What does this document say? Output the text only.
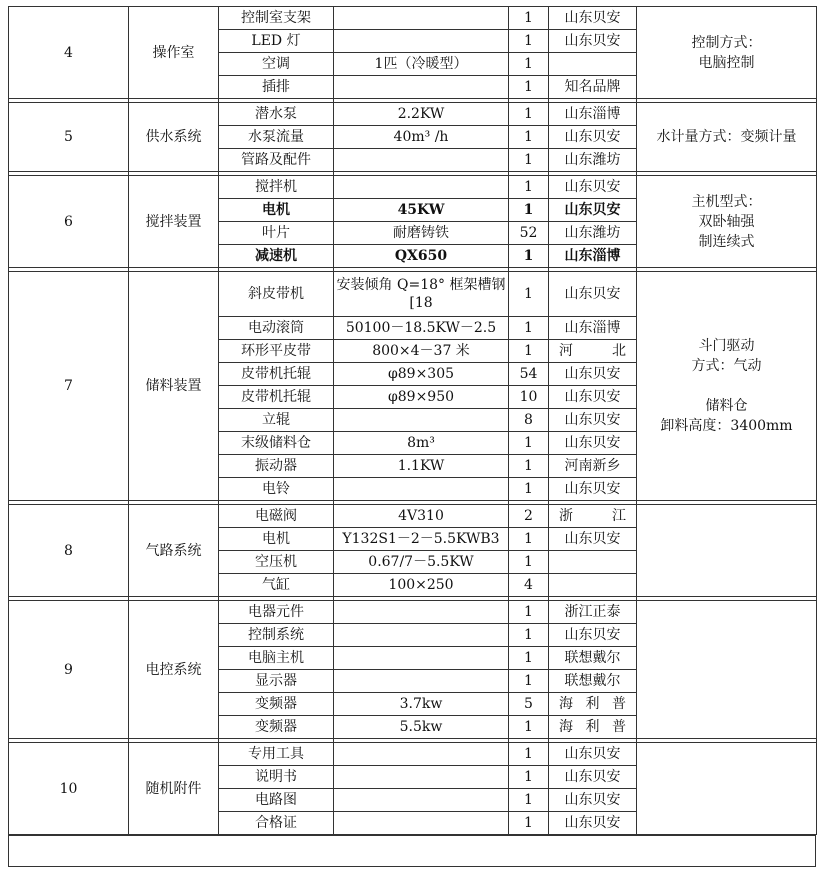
4	操作室	控制室支架		1	山东贝安	控制方式：
电脑控制

		LED 灯		1	山东贝安	
		空调	1匹（冷暖型）	1		
		插排		1	知名品牌	

5	供水系统	潜水泵	2.2KW	1	山东淄博	水计量方式：变频计量

		水泵流量	40m³ /h	1	山东贝安	
		管路及配件		1	山东潍坊	

6	搅拌装置	搅拌机		1	山东贝安	主机型式：
双卧轴强
制连续式

		电机	45KW	1	山东贝安	
		叶片	耐磨铸铁	52	山东潍坊	
		减速机	QX650	1	山东淄博	

7	储料装置	斜皮带机	安装倾角 Q=18° 框架槽钢[18	1	山东贝安	斗门驱动
方式：气动
储料仓
卸料高度：3400mm

		电动滚筒	50100－18.5KW－2.5	1	山东淄博	
		环形平皮带	800×4－37 米	1	河 北	
		皮带机托辊	φ89×305	54	山东贝安	
		皮带机托辊	φ89×950	10	山东贝安	
		立辊		8	山东贝安	
		末级储料仓	8m³	1	山东贝安	
		振动器	1.1KW	1	河南新乡	
		电铃		1	山东贝安	

8	气路系统	电磁阀	4V310	2	浙 江	
		电机	Y132S1－2－5.5KWB3	1	山东贝安	
		空压机	0.67/7－5.5KW	1		
		气缸	100×250	4		

9	电控系统	电器元件		1	浙江正泰	
		控制系统		1	山东贝安	
		电脑主机		1	联想戴尔	
		显示器		1	联想戴尔	
		变频器	3.7kw	5	海 利 普	
		变频器	5.5kw	1	海 利 普	

10	随机附件	专用工具		1	山东贝安	
		说明书		1	山东贝安	
		电路图		1	山东贝安	
		合格证		1	山东贝安	
